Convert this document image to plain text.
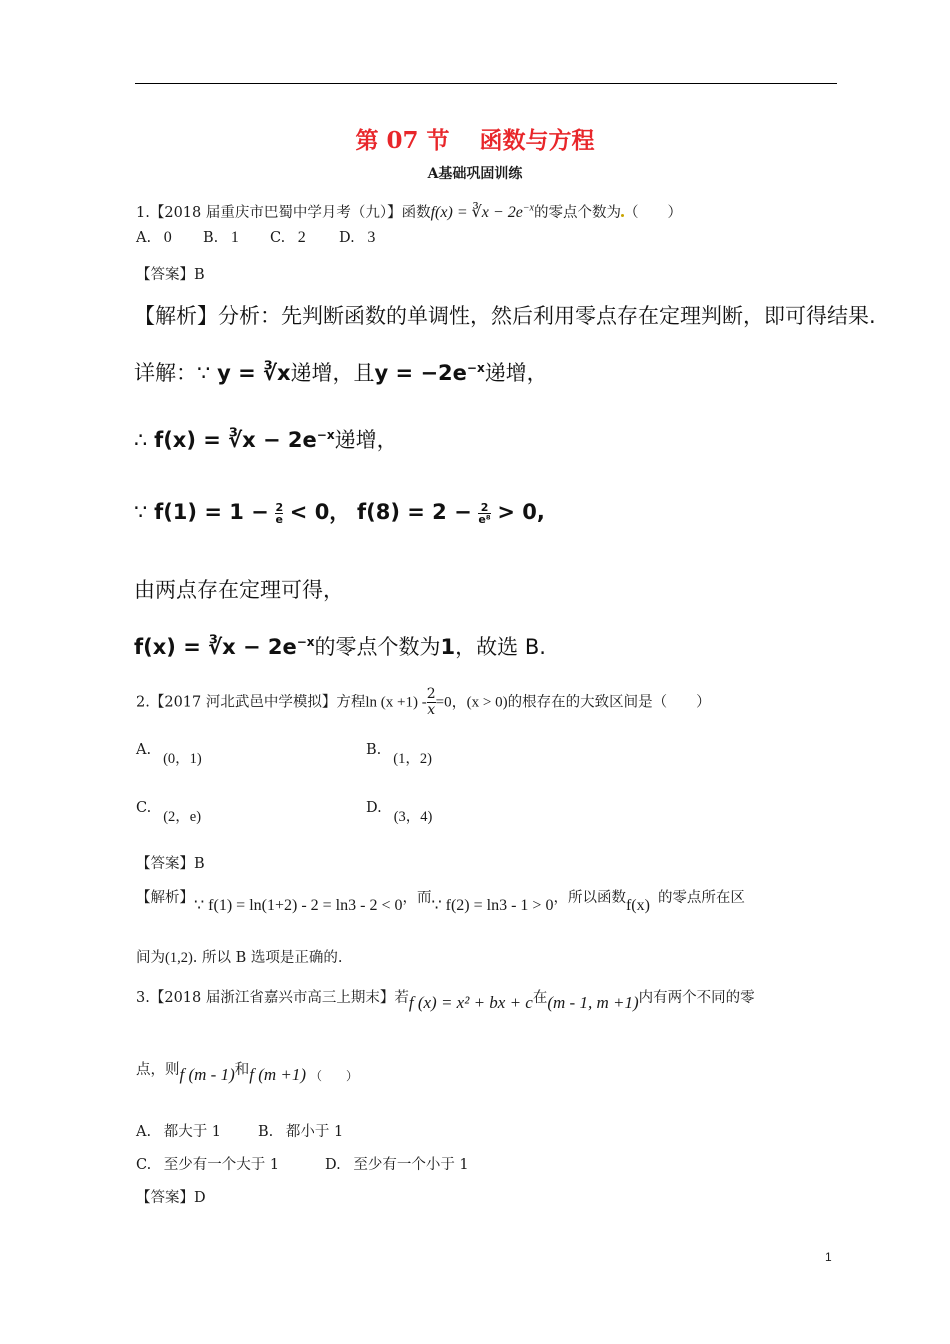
第 07 节 函数与方程
A基础巩固训练
1.【2018 届重庆市巴蜀中学月考（九）】函数f(x) = ∛x − $2e^{-x}$的零点个数为 （　　）
A. 0 B. 1 C. 2 D. 3
【答案】B
【解析】分析：先判断函数的单调性，然后利用零点存在定理判断，即可得结果.
详解：∵ y = ∛x递增，且$y = -2e^{-x}$递增，
∴ f(x) = ∛x − $2e^{-x}$递增，
∵ $f(1) = 1 - \frac{2}{e} < 0$， $f(8) = 2 - \frac{2}{\text{e⁸}} > 0$,
由两点存在定理可得，
f(x) = ∛x − $2e^{-x}$的零点个数为1，故选 B.
2.【2017 河北武邑中学模拟】方程$\ln (x +1) - \frac{2}{x} =0$，(x > 0)的根存在的大致区间是（　　）
A.(0，1)
B.(1，2)
C.(2，e)
D.(3，4)
【答案】B
【解析】∵ f(1) = ln(1+2) - 2 = ln3 - 2 < 0，而∵ f(2) = ln3 - 1 > 0，所以函数f(x) 的零点所在区
间为(1,2). 所以 B 选项是正确的.
3.【2018 届浙江省嘉兴市高三上期末】若f (x) = x² + bx + c在(m - 1, m +1)内有两个不同的零
点，则f (m - 1)和f (m +1) $_{( )}$
A. 都大于 1	B. 都小于 1
C. 至少有一个大于 1	D. 至少有一个小于 1
【答案】D
1
